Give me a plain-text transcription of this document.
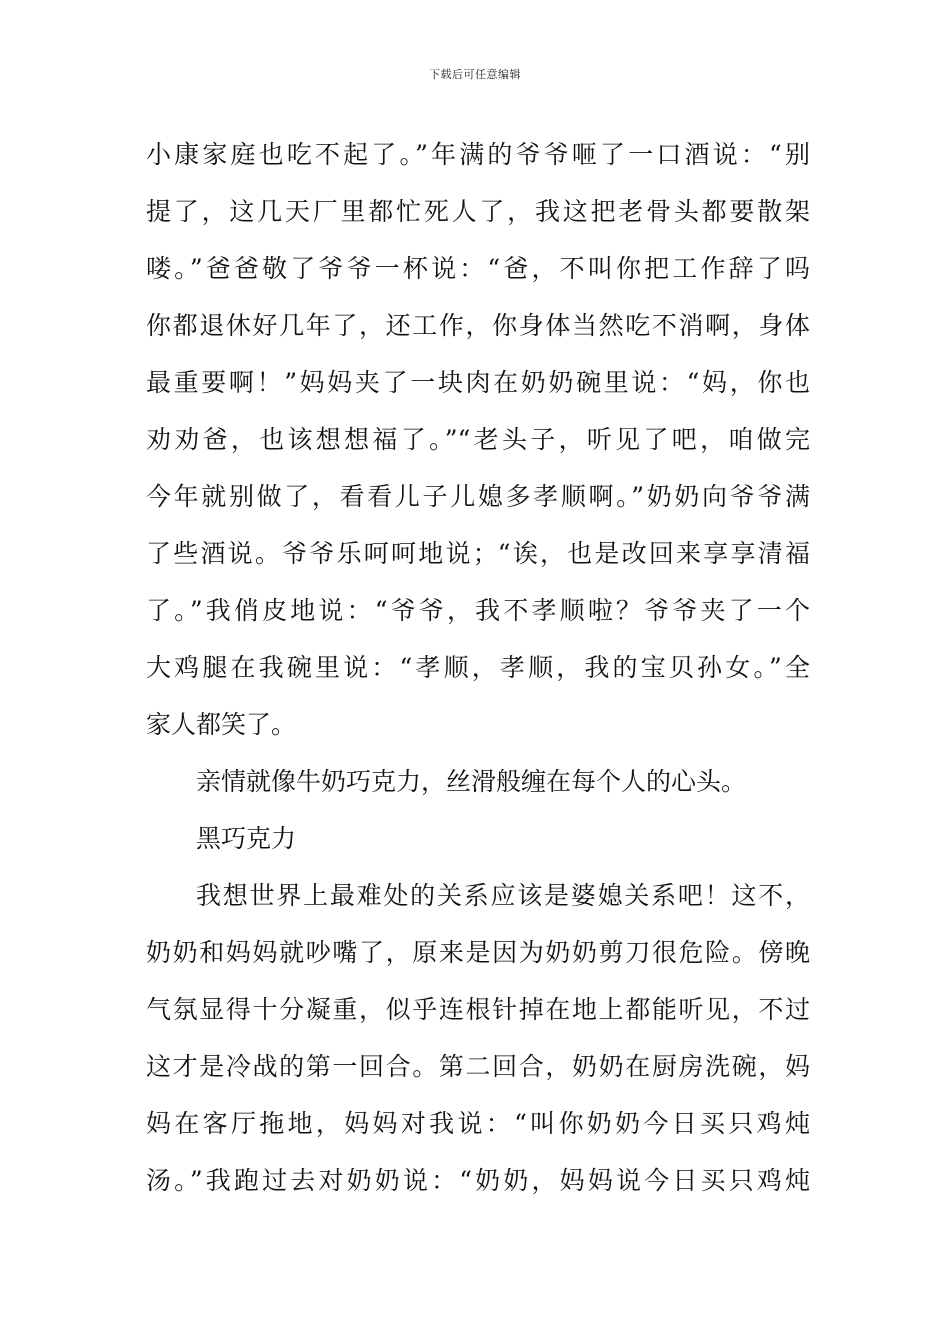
下载后可任意编辑
小康家庭也吃不起了。”年满的爷爷咂了一口酒说：“别
提了，这几天厂里都忙死人了，我这把老骨头都要散架
喽。”爸爸敬了爷爷一杯说：“爸，不叫你把工作辞了吗
你都退休好几年了，还工作，你身体当然吃不消啊，身体
最重要啊！”妈妈夹了一块肉在奶奶碗里说：“妈，你也
劝劝爸，也该想想福了。”“老头子，听见了吧，咱做完
今年就别做了，看看儿子儿媳多孝顺啊。”奶奶向爷爷满
了些酒说。爷爷乐呵呵地说；“诶，也是改回来享享清福
了。”我俏皮地说：“爷爷，我不孝顺啦？爷爷夹了一个
大鸡腿在我碗里说：“孝顺，孝顺，我的宝贝孙女。”全
家人都笑了。
亲情就像牛奶巧克力，丝滑般缠在每个人的心头。
黑巧克力
我想世界上最难处的关系应该是婆媳关系吧！这不，
奶奶和妈妈就吵嘴了，原来是因为奶奶剪刀很危险。傍晚
气氛显得十分凝重，似乎连根针掉在地上都能听见，不过
这才是冷战的第一回合。第二回合，奶奶在厨房洗碗，妈
妈在客厅拖地，妈妈对我说：“叫你奶奶今日买只鸡炖
汤。”我跑过去对奶奶说：“奶奶，妈妈说今日买只鸡炖
